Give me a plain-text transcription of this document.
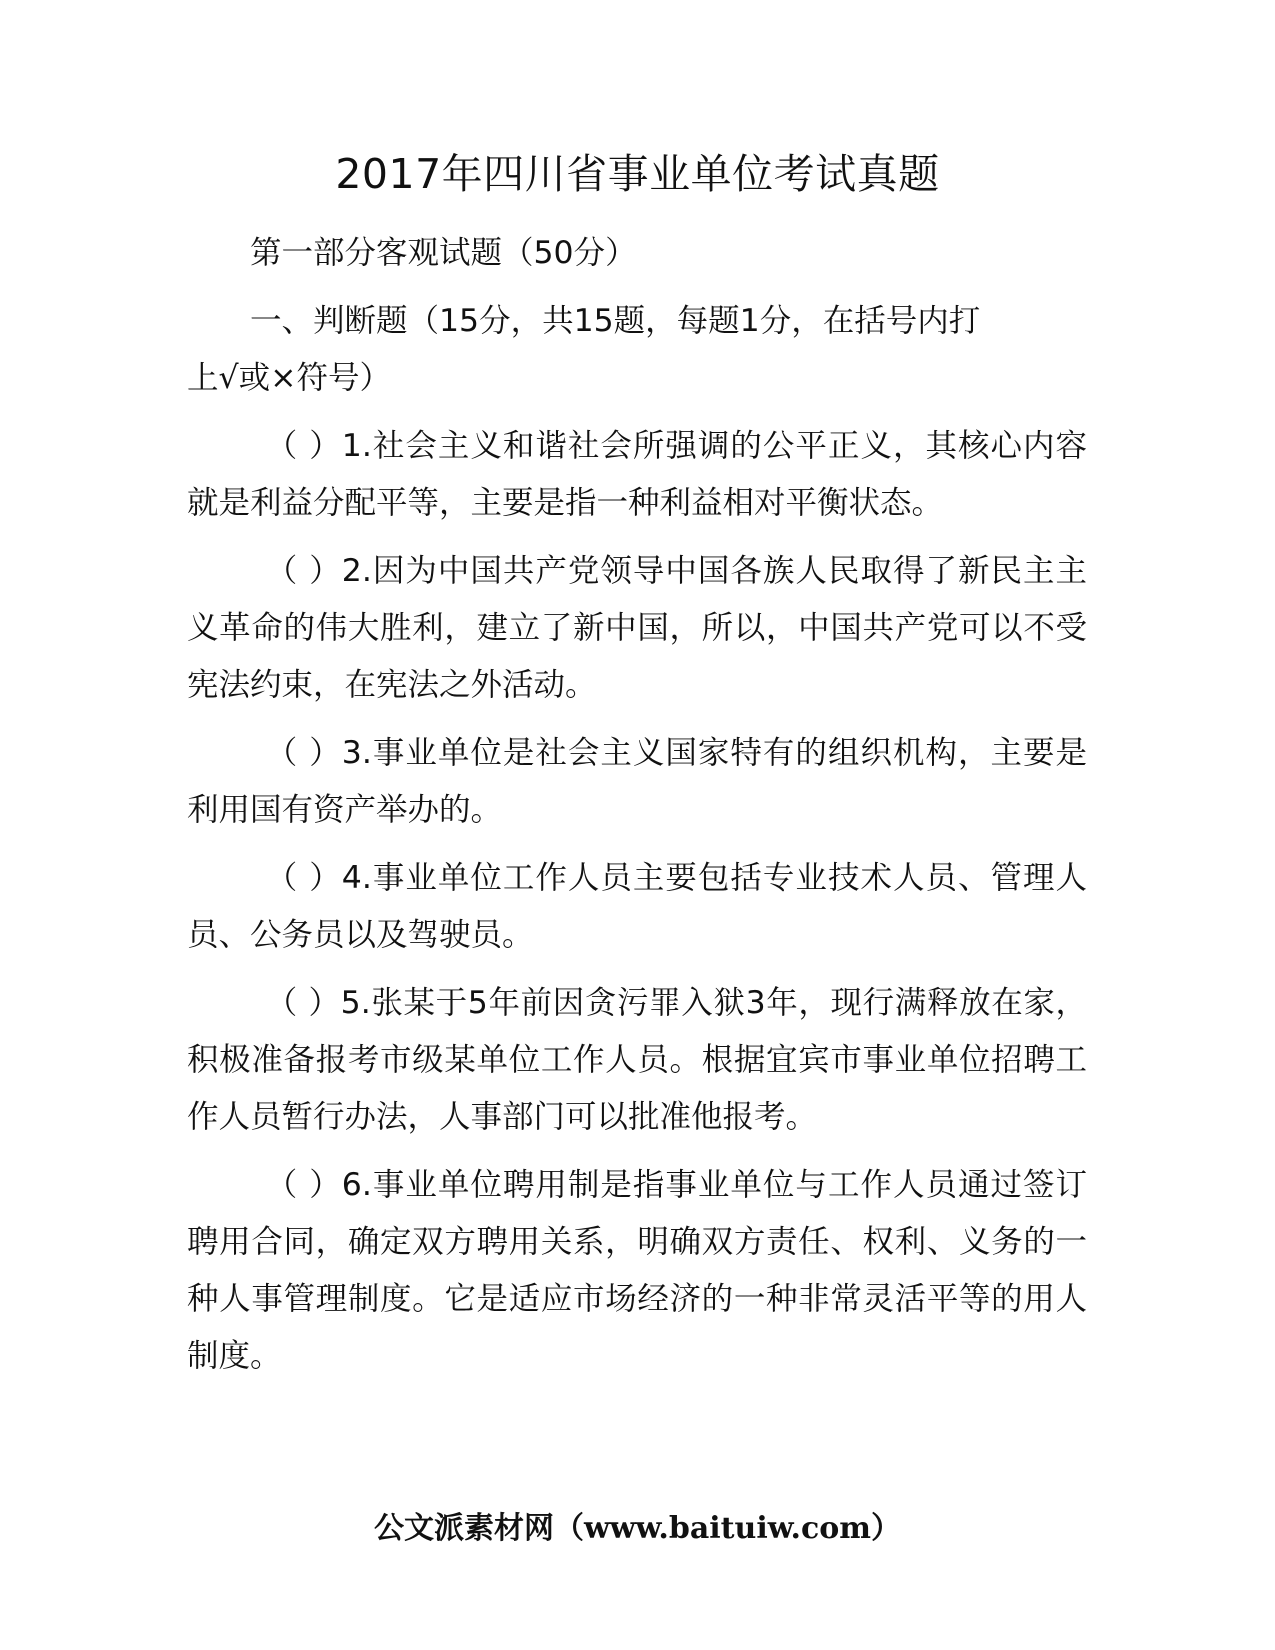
2017年四川省事业单位考试真题

第一部分客观试题（50分）

一、判断题（15分，共15题，每题1分，在括号内打
上√或×符号）

（ ）1.社会主义和谐社会所强调的公平正义，其核心内容就是利益分配平等，主要是指一种利益相对平衡状态。

（ ）2.因为中国共产党领导中国各族人民取得了新民主主义革命的伟大胜利，建立了新中国，所以，中国共产党可以不受宪法约束，在宪法之外活动。

（ ）3.事业单位是社会主义国家特有的组织机构，主要是利用国有资产举办的。

（ ）4.事业单位工作人员主要包括专业技术人员、管理人员、公务员以及驾驶员。

（ ）5.张某于5年前因贪污罪入狱3年，现行满释放在家，积极准备报考市级某单位工作人员。根据宜宾市事业单位招聘工作人员暂行办法，人事部门可以批准他报考。

（ ）6.事业单位聘用制是指事业单位与工作人员通过签订聘用合同，确定双方聘用关系，明确双方责任、权利、义务的一种人事管理制度。它是适应市场经济的一种非常灵活平等的用人制度。

公文派素材网（www.baituiw.com）
